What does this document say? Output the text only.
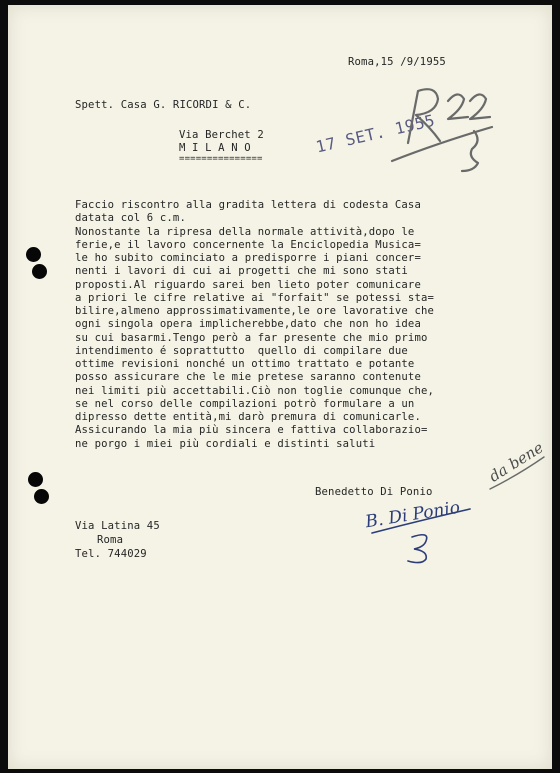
Roma,15 /9/1955
Spett. Casa G. RICORDI & C.
Via Berchet 2
M I L A N O
===============
17 SET. 1955
Faccio riscontro alla gradita lettera di codesta Casa
datata col 6 c.m.
Nonostante la ripresa della normale attività,dopo le
ferie,e il lavoro concernente la Enciclopedia Musica=
le ho subito cominciato a predisporre i piani concer=
nenti i lavori di cui ai progetti che mi sono stati
proposti.Al riguardo sarei ben lieto poter comunicare
a priori le cifre relative ai "forfait" se potessi sta=
bilire,almeno approssimativamente,le ore lavorative che
ogni singola opera implicherebbe,dato che non ho idea
su cui basarmi.Tengo però a far presente che mio primo
intendimento é soprattutto  quello di compilare due
ottime revisioni nonché un ottimo trattato e potante
posso assicurare che le mie pretese saranno contenute
nei limiti più accettabili.Ciò non toglie comunque che,
se nel corso delle compilazioni potrò formulare a un
dipresso dette entità,mi darò premura di comunicarle.
Assicurando la mia più sincera e fattiva collaborazio=
ne porgo i miei più cordiali e distinti saluti	da bene
Benedetto Di Ponio
B. Di Ponio
Via Latina 45
Roma
Tel. 744029
